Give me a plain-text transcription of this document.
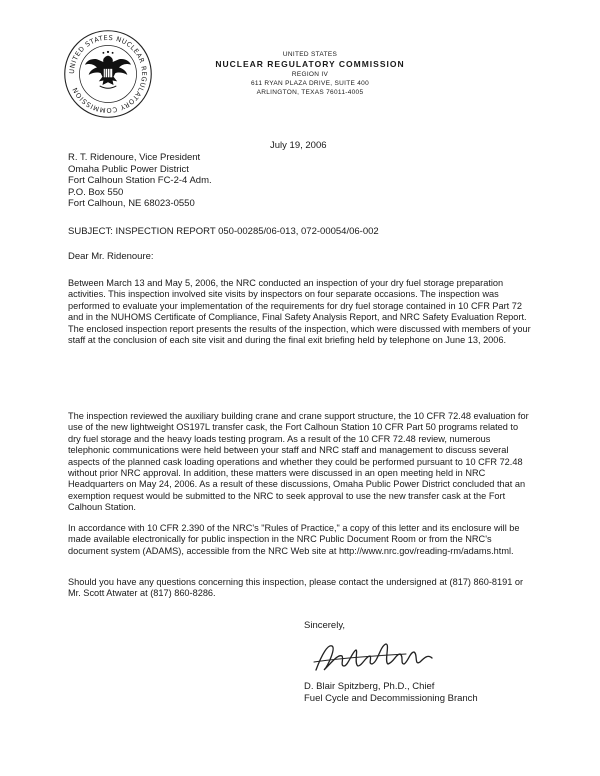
UNITED STATES NUCLEAR REGULATORY COMMISSION
UNITED STATES
NUCLEAR REGULATORY COMMISSION
REGION IV
611 RYAN PLAZA DRIVE, SUITE 400
ARLINGTON, TEXAS 76011-4005
July 19, 2006
R. T. Ridenoure, Vice President
Omaha Public Power District
Fort Calhoun Station FC-2-4 Adm.
P.O. Box 550
Fort Calhoun, NE 68023-0550
SUBJECT: INSPECTION REPORT 050-00285/06-013, 072-00054/06-002
Dear Mr. Ridenoure:
Between March 13 and May 5, 2006, the NRC conducted an inspection of your dry fuel storage preparation activities. This inspection involved site visits by inspectors on four separate occasions. The inspection was performed to evaluate your implementation of the requirements for dry fuel storage contained in 10 CFR Part 72 and in the NUHOMS Certificate of Compliance, Final Safety Analysis Report, and NRC Safety Evaluation Report. The enclosed inspection report presents the results of the inspection, which were discussed with members of your staff at the conclusion of each site visit and during the final exit briefing held by telephone on June 13, 2006.
The inspection reviewed the auxiliary building crane and crane support structure, the 10 CFR 72.48 evaluation for use of the new lightweight OS197L transfer cask, the Fort Calhoun Station 10 CFR Part 50 programs related to dry fuel storage and the heavy loads testing program. As a result of the 10 CFR 72.48 review, numerous telephonic communications were held between your staff and NRC staff and management to discuss several aspects of the planned cask loading operations and whether they could be performed pursuant to 10 CFR 72.48 without prior NRC approval. In addition, these matters were discussed in an open meeting held in NRC Headquarters on May 24, 2006. As a result of these discussions, Omaha Public Power District concluded that an exemption request would be submitted to the NRC to seek approval to use the new transfer cask at the Fort Calhoun Station.
In accordance with 10 CFR 2.390 of the NRC's "Rules of Practice," a copy of this letter and its enclosure will be made available electronically for public inspection in the NRC Public Document Room or from the NRC's document system (ADAMS), accessible from the NRC Web site at http://www.nrc.gov/reading-rm/adams.html.
Should you have any questions concerning this inspection, please contact the undersigned at (817) 860-8191 or Mr. Scott Atwater at (817) 860-8286.
Sincerely,
D. Blair Spitzberg, Ph.D., Chief
Fuel Cycle and Decommissioning Branch
